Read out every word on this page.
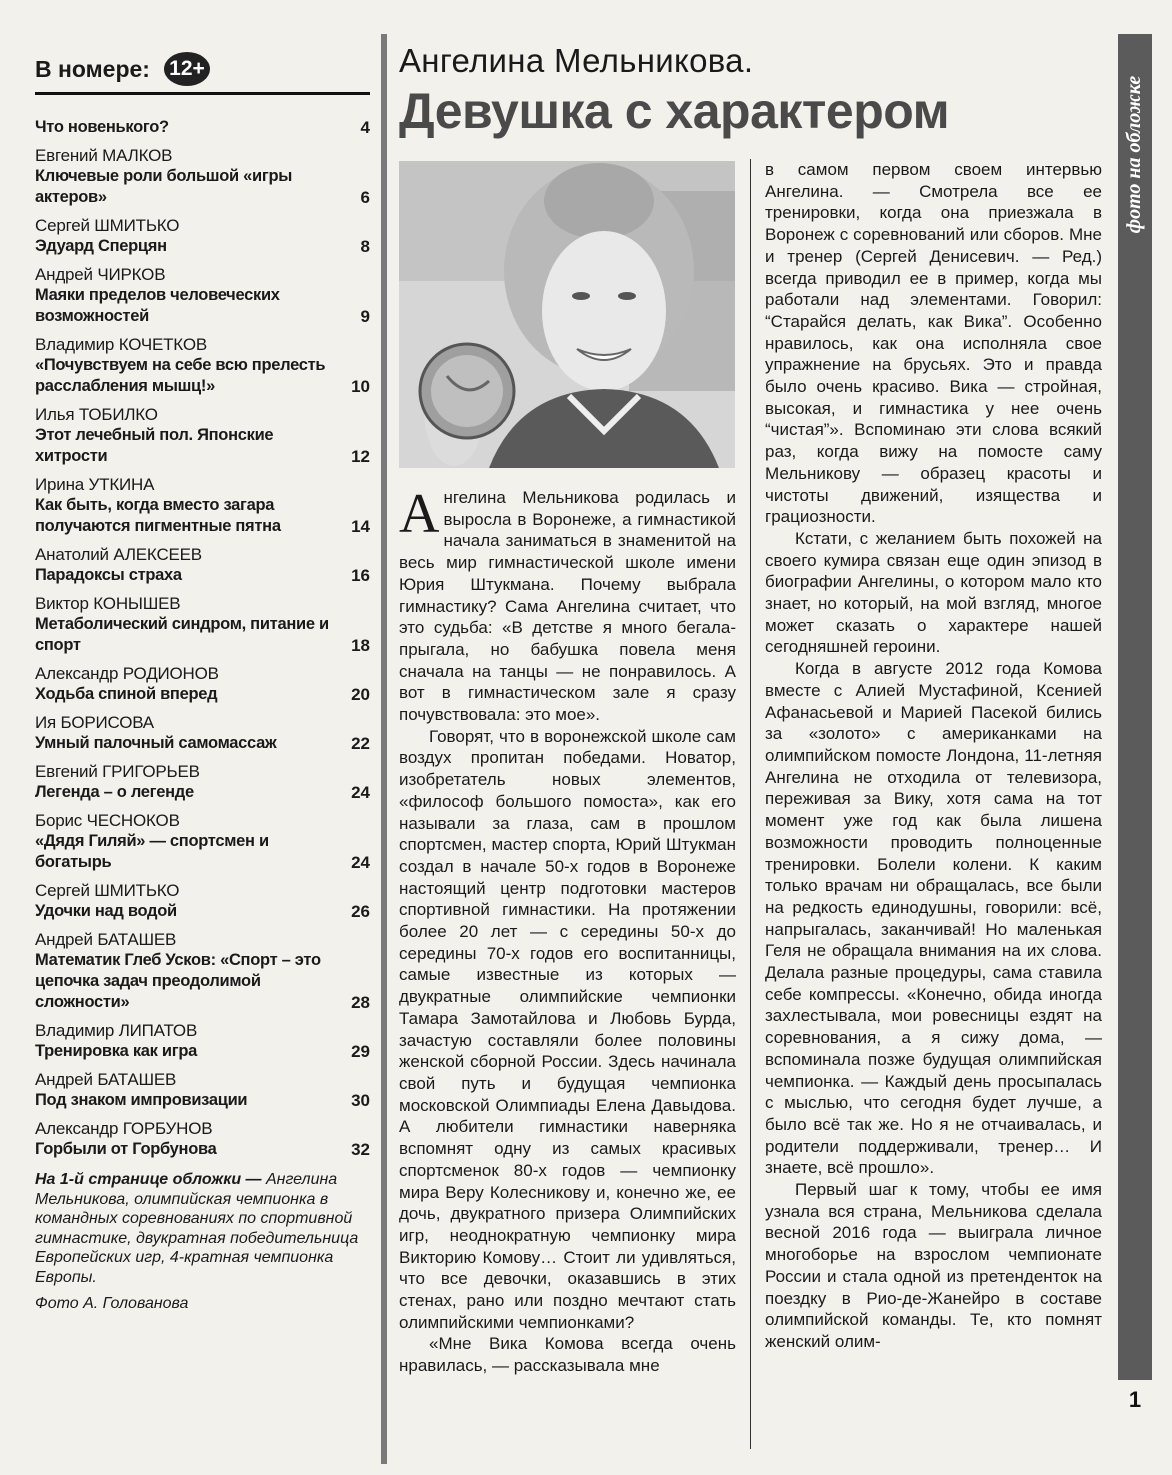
В номере: 12+
Что новенького?	4
Евгений МАЛКОВ
Ключевые роли большой «игры актеров»	6
Сергей ШМИТЬКО
Эдуард Сперцян	8
Андрей ЧИРКОВ
Маяки пределов человеческих возможностей	9
Владимир КОЧЕТКОВ
«Почувствуем на себе всю прелесть расслабления мышц!»	10
Илья ТОБИЛКО
Этот лечебный пол. Японские хитрости	12
Ирина УТКИНА
Как быть, когда вместо загара получаются пигментные пятна	14
Анатолий АЛЕКСЕЕВ
Парадоксы страха	16
Виктор КОНЫШЕВ
Метаболический синдром, питание и спорт	18
Александр РОДИОНОВ
Ходьба спиной вперед	20
Ия БОРИСОВА
Умный палочный самомассаж	22
Евгений ГРИГОРЬЕВ
Легенда – о легенде	24
Борис ЧЕСНОКОВ
«Дядя Гиляй» — спортсмен и богатырь	24
Сергей ШМИТЬКО
Удочки над водой	26
Андрей БАТАШЕВ
Математик Глеб Усков: «Спорт – это цепочка задач преодолимой сложности»	28
Владимир ЛИПАТОВ
Тренировка как игра	29
Андрей БАТАШЕВ
Под знаком импровизации	30
Александр ГОРБУНОВ
Горбыли от Горбунова	32
На 1-й странице обложки — Ангелина Мельникова, олимпийская чемпионка в командных соревнованиях по спортивной гимнастике, двукратная победительница Европейских игр, 4-кратная чемпионка Европы.
Фото А. Голованова
Ангелина Мельникова.
Девушка с характером

Ангелина Мельникова родилась и выросла в Воронеже, а гимнастикой начала заниматься в знаменитой на весь мир гимнастической школе имени Юрия Штукмана. Почему выбрала гимнастику? Сама Ангелина считает, что это судьба: «В детстве я много бегала-прыгала, но бабушка повела меня сначала на танцы — не понравилось. А вот в гимнастическом зале я сразу почувствовала: это мое».

Говорят, что в воронежской школе сам воздух пропитан победами. Новатор, изобретатель новых элементов, «философ большого помоста», как его называли за глаза, сам в прошлом спортсмен, мастер спорта, Юрий Штукман создал в начале 50-х годов в Воронеже настоящий центр подготовки мастеров спортивной гимнастики. На протяжении более 20 лет — с середины 50-х до середины 70-х годов его воспитанницы, самые известные из которых — двукратные олимпийские чемпионки Тамара Замотайлова и Любовь Бурда, зачастую составляли более половины женской сборной России. Здесь начинала свой путь и будущая чемпионка московской Олимпиады Елена Давыдова. А любители гимнастики наверняка вспомнят одну из самых красивых спортсменок 80-х годов — чемпионку мира Веру Колесникову и, конечно же, ее дочь, двукратного призера Олимпийских игр, неоднократную чемпионку мира Викторию Комову… Стоит ли удивляться, что все девочки, оказавшись в этих стенах, рано или поздно мечтают стать олимпийскими чемпионками?

«Мне Вика Комова всегда очень нравилась, — рассказывала мне

в самом первом своем интервью Ангелина. — Смотрела все ее тренировки, когда она приезжала в Воронеж с соревнований или сборов. Мне и тренер (Сергей Денисевич. — Ред.) всегда приводил ее в пример, когда мы работали над элементами. Говорил: “Старайся делать, как Вика”. Особенно нравилось, как она исполняла свое упражнение на брусьях. Это и правда было очень красиво. Вика — стройная, высокая, и гимнастика у нее очень “чистая”». Вспоминаю эти слова всякий раз, когда вижу на помосте саму Мельникову — образец красоты и чистоты движений, изящества и грациозности.

Кстати, с желанием быть похожей на своего кумира связан еще один эпизод в биографии Ангелины, о котором мало кто знает, но который, на мой взгляд, многое может сказать о характере нашей сегодняшней героини.

Когда в августе 2012 года Комова вместе с Алией Мустафиной, Ксенией Афанасьевой и Марией Пасекой бились за «золото» с американками на олимпийском помосте Лондона, 11-летняя Ангелина не отходила от телевизора, переживая за Вику, хотя сама на тот момент уже год как была лишена возможности проводить полноценные тренировки. Болели колени. К каким только врачам ни обращалась, все были на редкость единодушны, говорили: всё, напрыгалась, заканчивай! Но маленькая Геля не обращала внимания на их слова. Делала разные процедуры, сама ставила себе компрессы. «Конечно, обида иногда захлестывала, мои ровесницы ездят на соревнования, а я сижу дома, — вспоминала позже будущая олимпийская чемпионка. — Каждый день просыпалась с мыслью, что сегодня будет лучше, а было всё так же. Но я не отчаивалась, и родители поддерживали, тренер… И знаете, всё прошло».

Первый шаг к тому, чтобы ее имя узнала вся страна, Мельникова сделала весной 2016 года — выиграла личное многоборье на взрослом чемпионате России и стала одной из претенденток на поездку в Рио-де-Жанейро в составе олимпийской команды. Те, кто помнят женский олим-

фото на обложке
1
